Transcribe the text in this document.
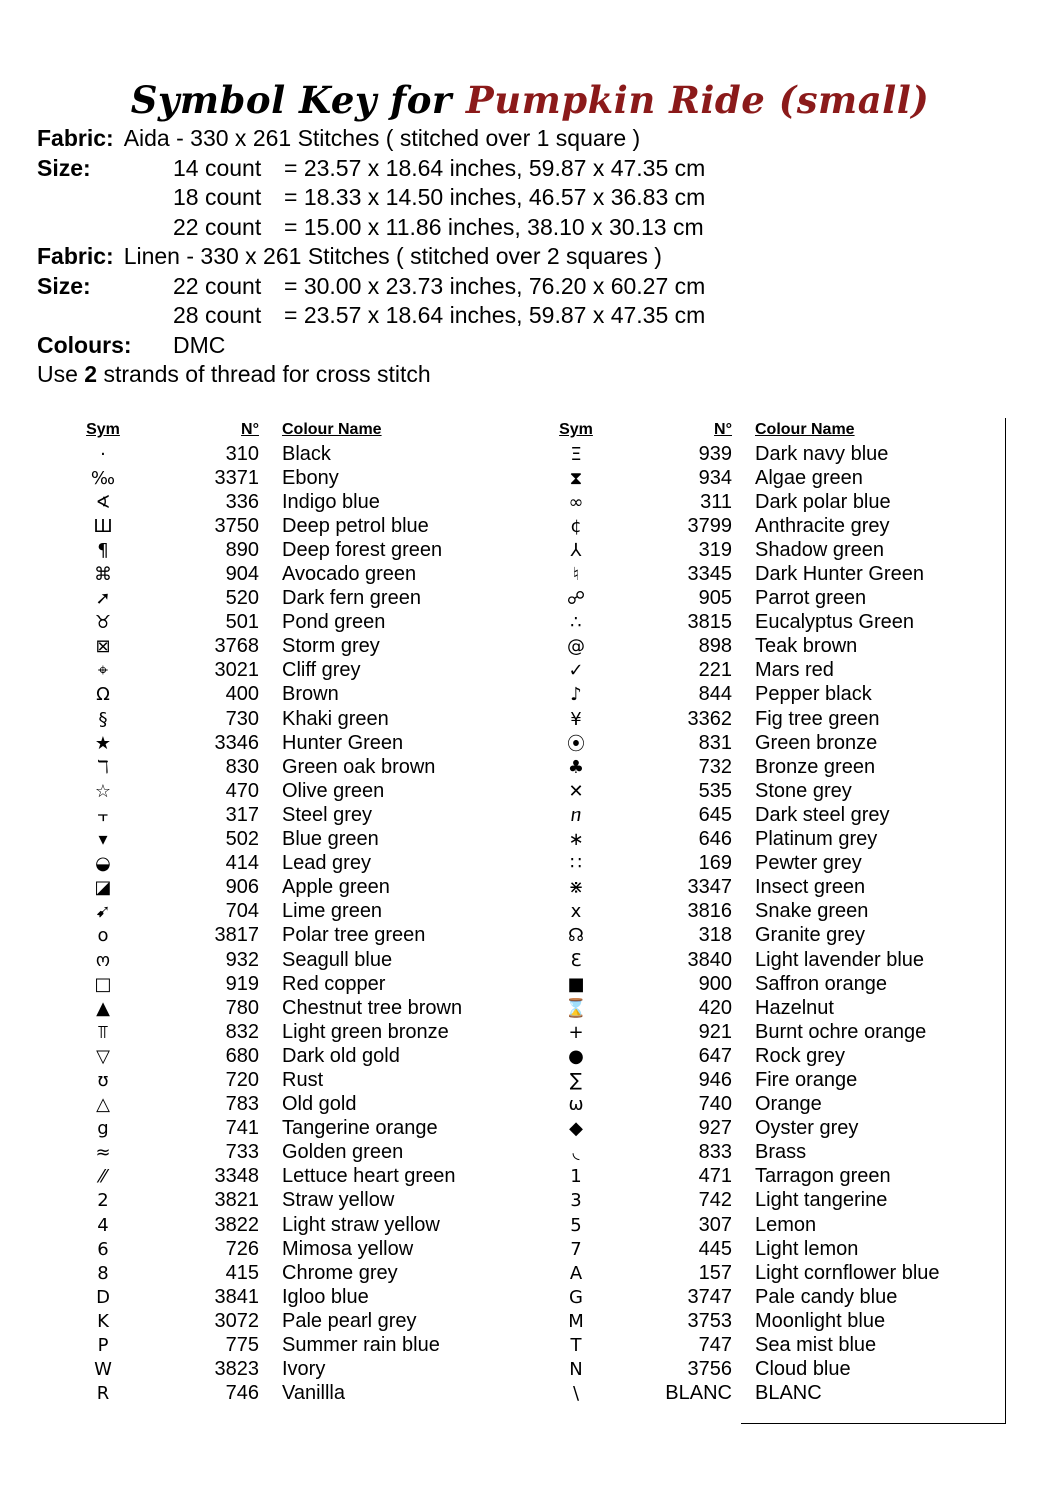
Symbol Key for Pumpkin Ride (small)
Fabric: Aida - 330 x 261 Stitches ( stitched over 1 square )
Size:	14 count = 23.57 x 18.64 inches, 59.87 x 47.35 cm
18 count = 18.33 x 14.50 inches, 46.57 x 36.83 cm
22 count = 15.00 x 11.86 inches, 38.10 x 30.13 cm
Fabric: Linen - 330 x 261 Stitches ( stitched over 2 squares )
Size:	22 count = 30.00 x 23.73 inches, 76.20 x 60.27 cm
28 count = 23.57 x 18.64 inches, 59.87 x 47.35 cm
Colours:	DMC
Use 2 strands of thread for cross stitch
Sym	N° Colour Name
·	310 Black
‰	3371 Ebony
∢	336 Indigo blue
Ш	3750 Deep petrol blue
¶	890 Deep forest green
⌘	904 Avocado green
➚	520 Dark fern green
♉	501 Pond green
⊠	3768 Storm grey
⌖	3021 Cliff grey
Ω	400 Brown
§	730 Khaki green
★	3346 Hunter Green
ℸ	830 Green oak brown
☆	470 Olive green
⫟	317 Steel grey
▾	502 Blue green
◒	414 Lead grey
◪	906 Apple green
➹	704 Lime green
o	3817 Polar tree green
ო	932 Seagull blue
□	919 Red copper
▲	780 Chestnut tree brown
⫪	832 Light green bronze
▽	680 Dark old gold
ʊ	720 Rust
△	783 Old gold
g	741 Tangerine orange
≈	733 Golden green
⁄⁄	3348 Lettuce heart green
2	3821 Straw yellow
4	3822 Light straw yellow
6	726 Mimosa yellow
8	415 Chrome grey
D	3841 Igloo blue
K	3072 Pale pearl grey
P	775 Summer rain blue
W	3823 Ivory
R	746 Vanillla
Sym	N° Colour Name
Ξ	939 Dark navy blue
⧗	934 Algae green
∞	311 Dark polar blue
¢	3799 Anthracite grey
⅄	319 Shadow green
♮	3345 Dark Hunter Green
☍	905 Parrot green
∴	3815 Eucalyptus Green
@	898 Teak brown
✓	221 Mars red
♪	844 Pepper black
¥	3362 Fig tree green
⦿	831 Green bronze
♣	732 Bronze green
✕	535 Stone grey
ⴖ	645 Dark steel grey
∗	646 Platinum grey
∷	169 Pewter grey
⋇	3347 Insect green
x	3816 Snake green
☊	318 Granite grey
Ɛ	3840 Light lavender blue
■	900 Saffron orange
⌛	420 Hazelnut
+	921 Burnt ochre orange
●	647 Rock grey
∑	946 Fire orange
ω	740 Orange
◆	927 Oyster grey
◟	833 Brass
1	471 Tarragon green
3	742 Light tangerine
5	307 Lemon
7	445 Light lemon
A	157 Light cornflower blue
G	3747 Pale candy blue
M	3753 Moonlight blue
T	747 Sea mist blue
N	3756 Cloud blue
\	BLANC BLANC
